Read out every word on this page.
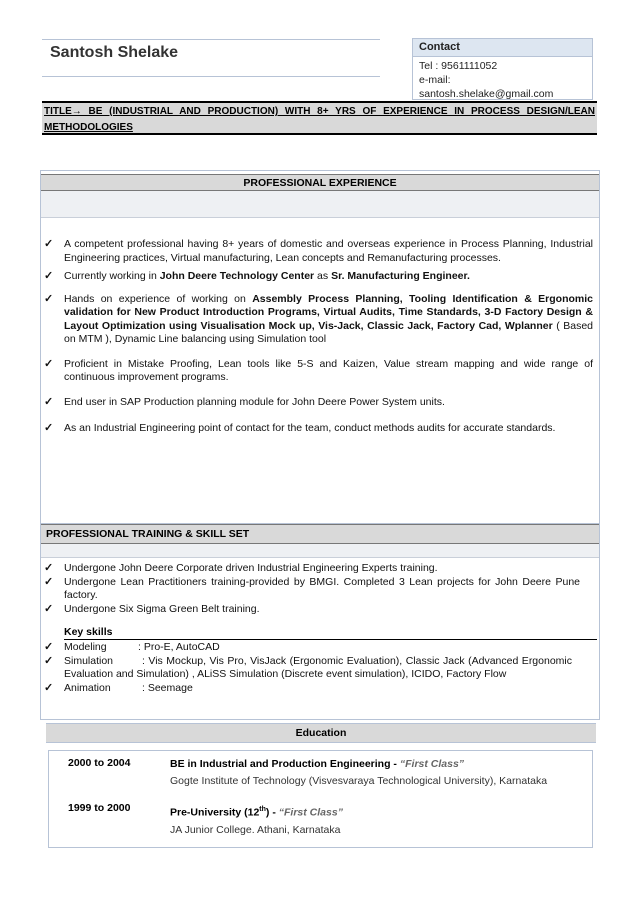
Santosh Shelake	Contact
Tel : 9561111052
e-mail:
santosh.shelake@gmail.com
TITLE→ BE (INDUSTRIAL AND PRODUCTION) WITH 8+ YRS OF EXPERIENCE IN PROCESS DESIGN/LEAN METHODOLOGIES
PROFESSIONAL EXPERIENCE
✓ A competent professional having 8+ years of domestic and overseas experience in Process Planning, Industrial Engineering practices, Virtual manufacturing, Lean concepts and Remanufacturing processes.
✓ Currently working in John Deere Technology Center as Sr. Manufacturing Engineer.
✓ Hands on experience of working on Assembly Process Planning, Tooling Identification & Ergonomic validation for New Product Introduction Programs, Virtual Audits, Time Standards, 3-D Factory Design & Layout Optimization using Visualisation Mock up, Vis-Jack, Classic Jack, Factory Cad, Wplanner ( Based on MTM ), Dynamic Line balancing using Simulation tool
✓ Proficient in Mistake Proofing, Lean tools like 5-S and Kaizen, Value stream mapping and wide range of continuous improvement programs.
✓ End user in SAP Production planning module for John Deere Power System units.
✓ As an Industrial Engineering point of contact for the team, conduct methods audits for accurate standards.
PROFESSIONAL TRAINING & SKILL SET
✓ Undergone John Deere Corporate driven Industrial Engineering Experts training.
✓ Undergone Lean Practitioners training-provided by BMGI. Completed 3 Lean projects for John Deere Pune factory.
✓ Undergone Six Sigma Green Belt training.
Key skills
✓ Modeling	: Pro-E, AutoCAD
✓ Simulation	: Vis Mockup, Vis Pro, VisJack (Ergonomic Evaluation), Classic Jack (Advanced Ergonomic Evaluation and Simulation) , ALiSS Simulation (Discrete event simulation), ICIDO, Factory Flow
✓ Animation	: Seemage
Education
2000 to 2004	BE in Industrial and Production Engineering - “First Class”
Gogte Institute of Technology (Visvesvaraya Technological University), Karnataka
1999 to 2000	Pre-University (12th) - “First Class”
JA Junior College. Athani, Karnataka
